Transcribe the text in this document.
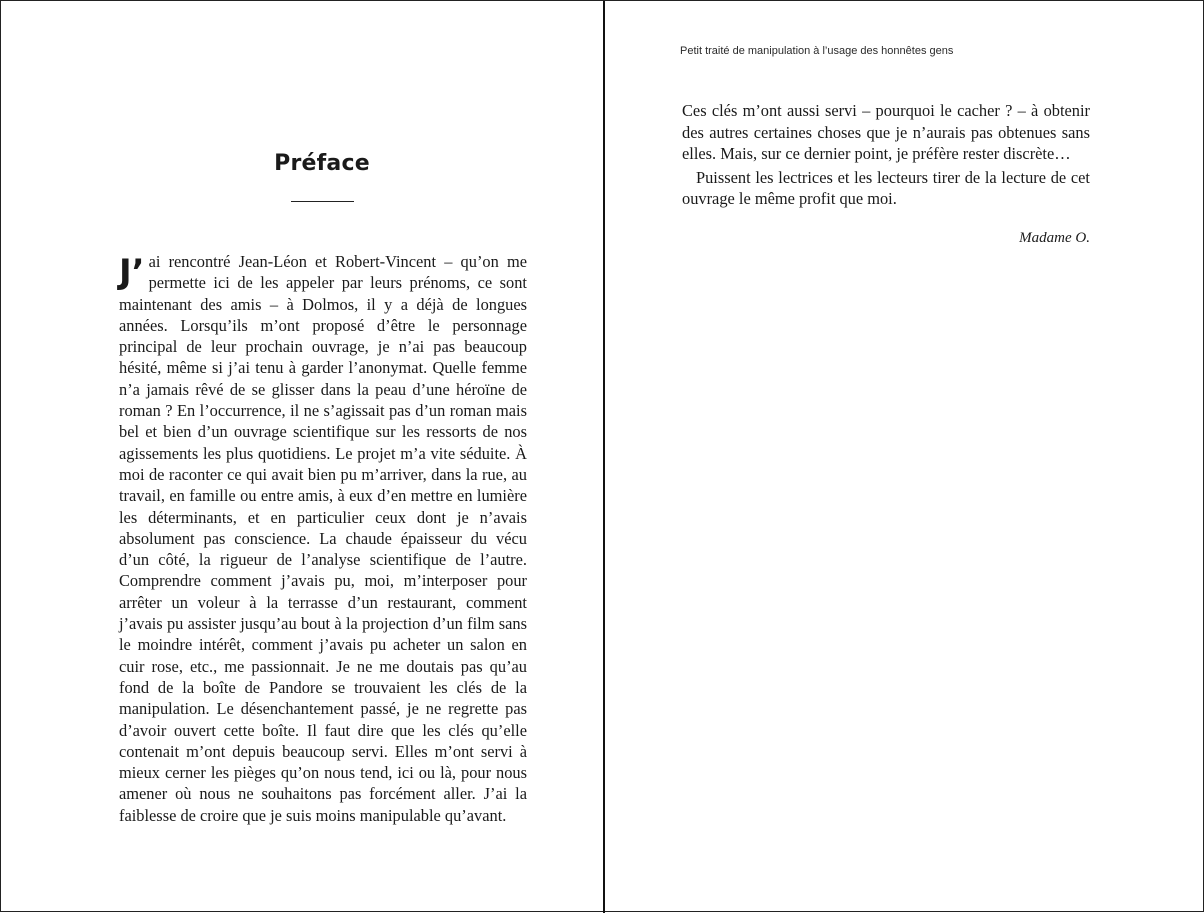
Préface

J’ ai rencontré Jean-Léon et Robert-Vincent – qu’on me permette ici de les appeler par leurs prénoms, ce sont maintenant des amis – à Dolmos, il y a déjà de longues années. Lorsqu’ils m’ont proposé d’être le personnage principal de leur prochain ouvrage, je n’ai pas beaucoup hésité, même si j’ai tenu à garder l’anonymat. Quelle femme n’a jamais rêvé de se glisser dans la peau d’une héroïne de roman ? En l’occurrence, il ne s’agissait pas d’un roman mais bel et bien d’un ouvrage scientifique sur les ressorts de nos agissements les plus quotidiens. Le projet m’a vite séduite. À moi de raconter ce qui avait bien pu m’arriver, dans la rue, au travail, en famille ou entre amis, à eux d’en mettre en lumière les déterminants, et en particulier ceux dont je n’avais absolument pas conscience. La chaude épaisseur du vécu d’un côté, la rigueur de l’analyse scientifique de l’autre. Comprendre comment j’avais pu, moi, m’interposer pour arrêter un voleur à la terrasse d’un restaurant, comment j’avais pu assister jusqu’au bout à la projection d’un film sans le moindre intérêt, comment j’avais pu acheter un salon en cuir rose, etc., me passionnait. Je ne me doutais pas qu’au fond de la boîte de Pandore se trouvaient les clés de la manipulation. Le désenchantement passé, je ne regrette pas d’avoir ouvert cette boîte. Il faut dire que les clés qu’elle contenait m’ont depuis beaucoup servi. Elles m’ont servi à mieux cerner les pièges qu’on nous tend, ici ou là, pour nous amener où nous ne souhaitons pas forcément aller. J’ai la faiblesse de croire que je suis moins manipulable qu’avant.

Petit traité de manipulation à l’usage des honnêtes gens

Ces clés m’ont aussi servi – pourquoi le cacher ? – à obtenir des autres certaines choses que je n’aurais pas obtenues sans elles. Mais, sur ce dernier point, je préfère rester discrète…

Puissent les lectrices et les lecteurs tirer de la lecture de cet ouvrage le même profit que moi.

Madame O.
